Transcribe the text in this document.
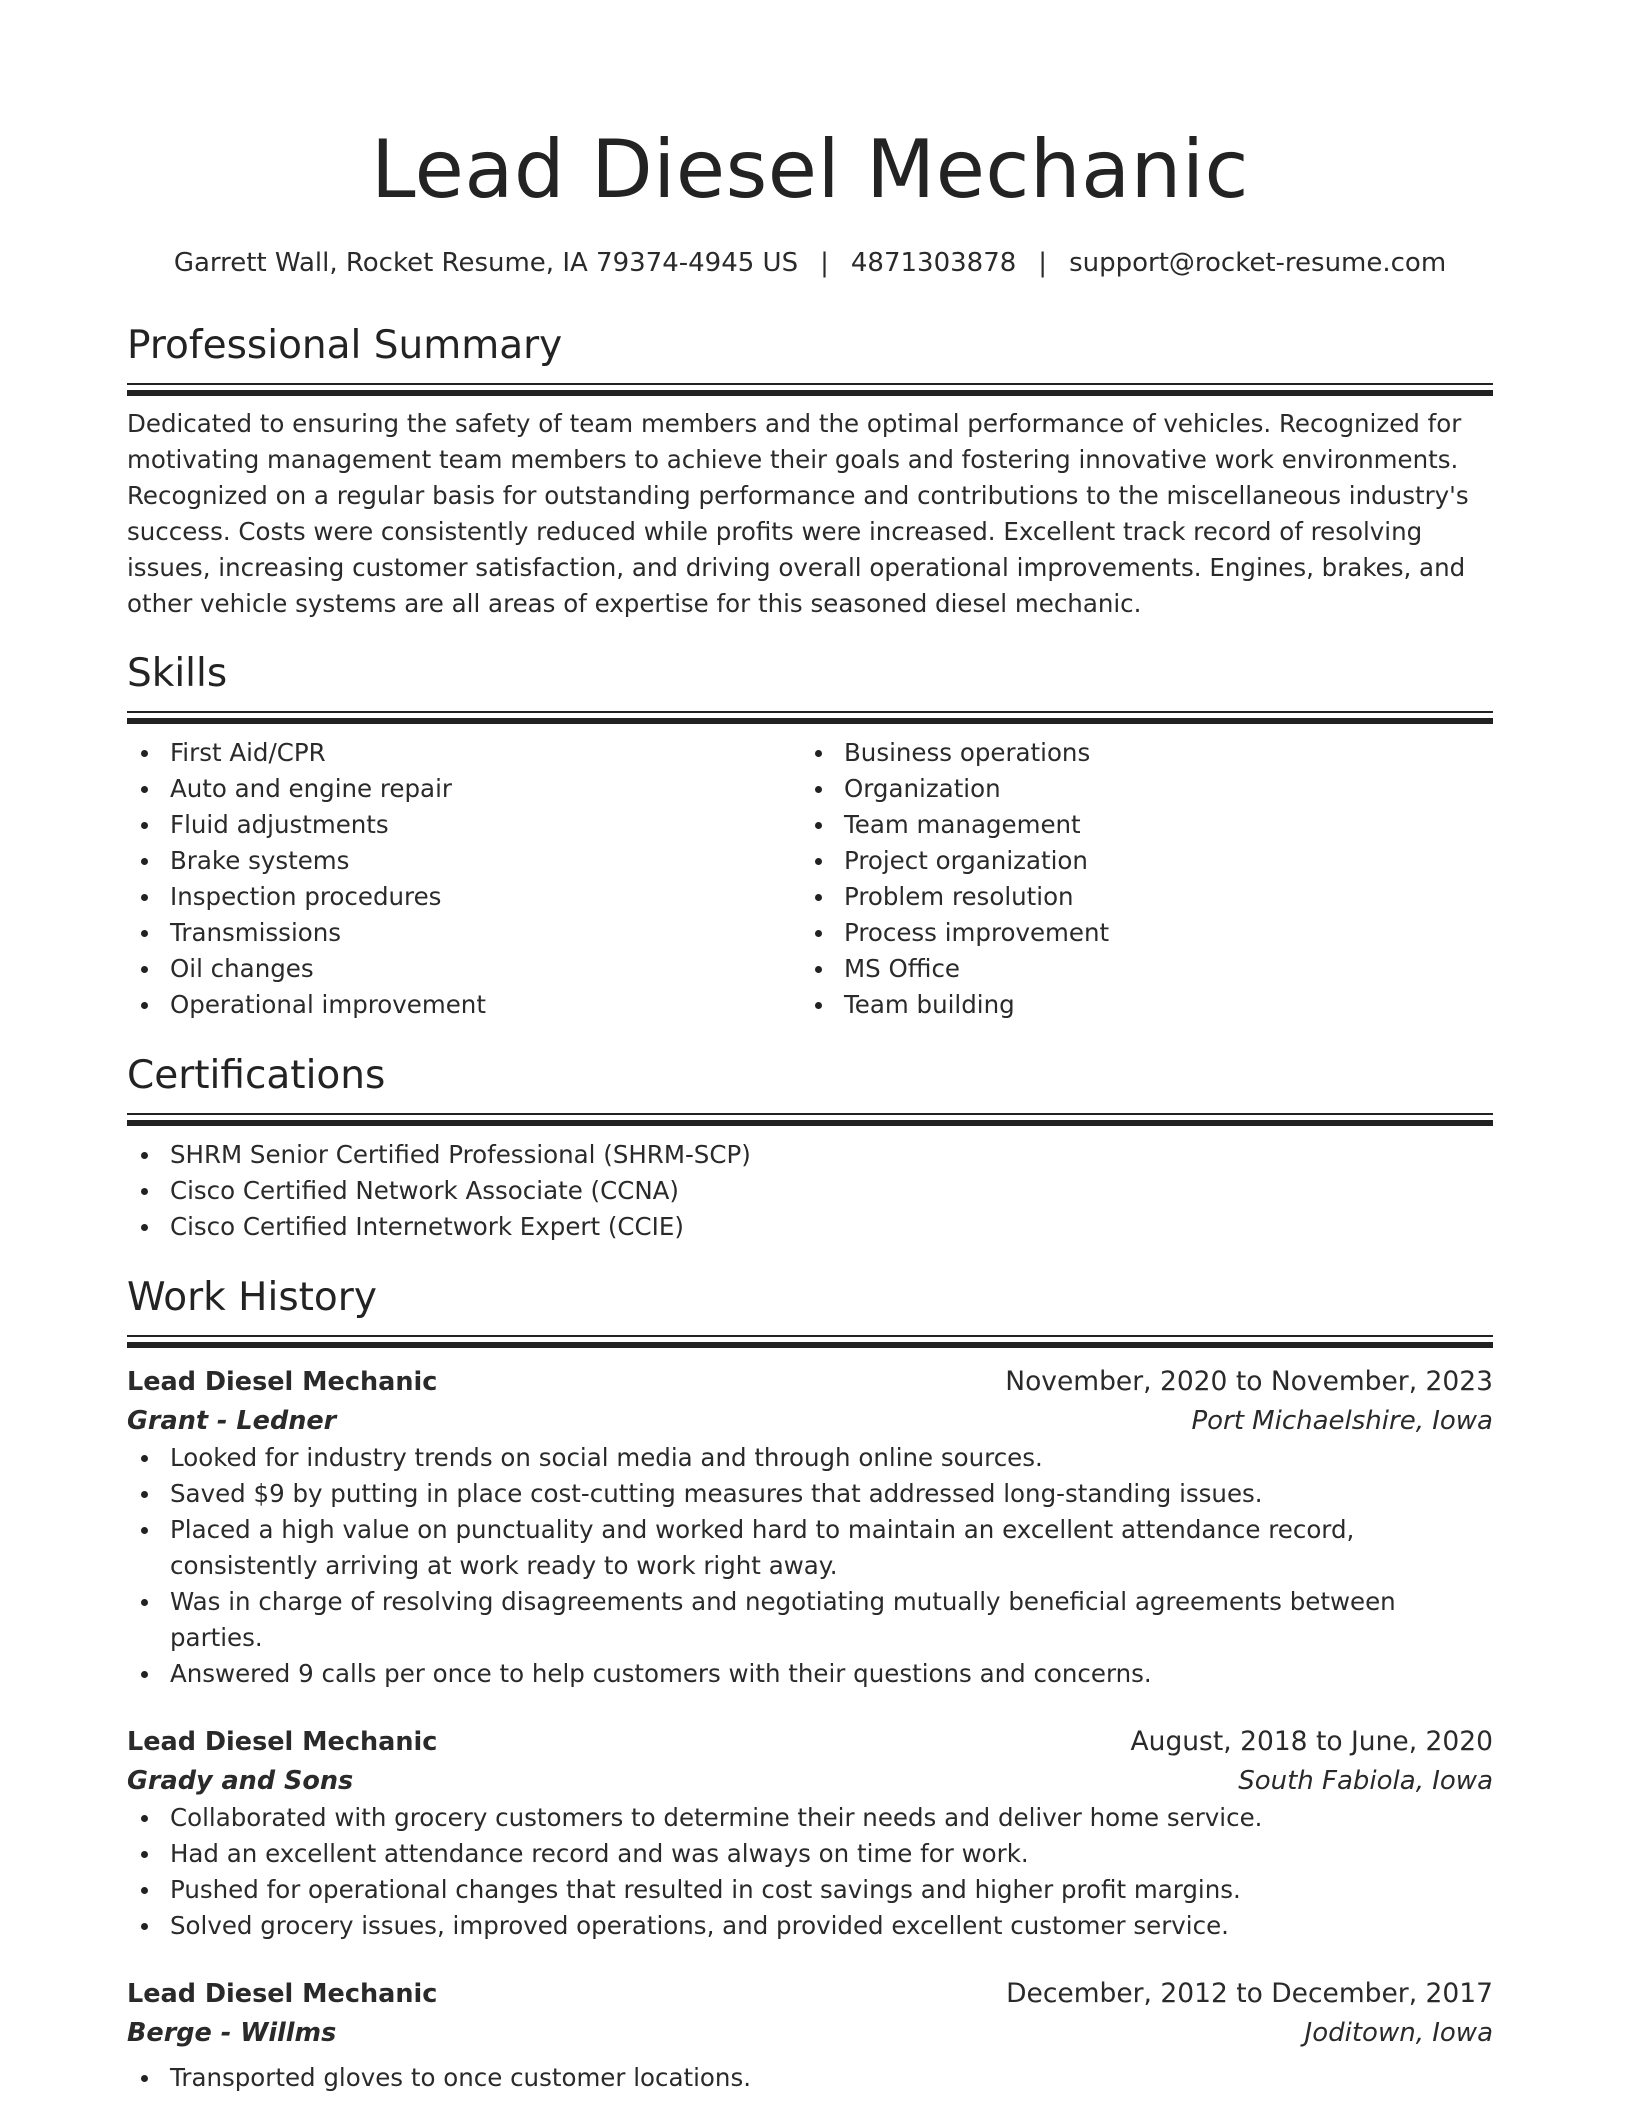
Lead Diesel Mechanic
Garrett Wall, Rocket Resume, IA 79374-4945 US | 4871303878 | support@rocket-resume.com
Professional Summary

Dedicated to ensuring the safety of team members and the optimal performance of vehicles. Recognized for motivating management team members to achieve their goals and fostering innovative work environments. Recognized on a regular basis for outstanding performance and contributions to the miscellaneous industry's success. Costs were consistently reduced while profits were increased. Excellent track record of resolving issues, increasing customer satisfaction, and driving overall operational improvements. Engines, brakes, and other vehicle systems are all areas of expertise for this seasoned diesel mechanic.

Skills
First Aid/CPR
Auto and engine repair
Fluid adjustments
Brake systems
Inspection procedures
Transmissions
Oil changes
Operational improvement
Business operations
Organization
Team management
Project organization
Problem resolution
Process improvement
MS Office
Team building
Certifications
SHRM Senior Certified Professional (SHRM-SCP)
Cisco Certified Network Associate (CCNA)
Cisco Certified Internetwork Expert (CCIE)
Work History
Lead Diesel Mechanic	November, 2020 to November, 2023
Grant - Ledner	Port Michaelshire, Iowa
Looked for industry trends on social media and through online sources.
Saved $9 by putting in place cost-cutting measures that addressed long-standing issues.
Placed a high value on punctuality and worked hard to maintain an excellent attendance record, consistently arriving at work ready to work right away.
Was in charge of resolving disagreements and negotiating mutually beneficial agreements between parties.
Answered 9 calls per once to help customers with their questions and concerns.
Lead Diesel Mechanic	August, 2018 to June, 2020
Grady and Sons	South Fabiola, Iowa
Collaborated with grocery customers to determine their needs and deliver home service.
Had an excellent attendance record and was always on time for work.
Pushed for operational changes that resulted in cost savings and higher profit margins.
Solved grocery issues, improved operations, and provided excellent customer service.
Lead Diesel Mechanic	December, 2012 to December, 2017
Berge - Willms	Joditown, Iowa
Transported gloves to once customer locations.
